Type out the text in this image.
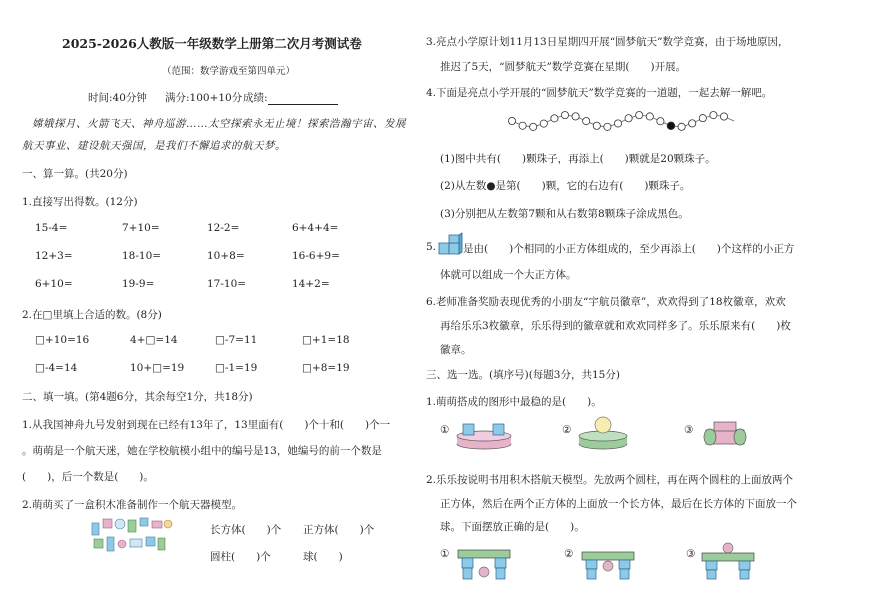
2025-2026人教版一年级数学上册第二次月考测试卷
（范围：数学游戏至第四单元）
时间:40分钟 满分:100+10分 成绩:
嫦娥探月、火箭飞天、神舟巡游……太空探索永无止境！探索浩瀚宇宙、发展
航天事业、建设航天强国，是我们不懈追求的航天梦。
一、算一算。(共20分)
1.直接写出得数。(12分)
15-4=	7+10=	12-2=	6+4+4=
12+3=	18-10=	10+8=	16-6+9=
6+10=	19-9=	17-10=	14+2=
2.在□里填上合适的数。(8分)
□+10=16	4+□=14	□-7=11	□+1=18
□-4=14	10+□=19	□-1=19	□+8=19
二、填一填。(第4题6分，其余每空1分，共18分)
1.从我国神舟九号发射到现在已经有13年了，13里面有(　　)个十和(　　)个一
。萌萌是一个航天迷，她在学校航模小组中的编号是13，她编号的前一个数是
(　　)，后一个数是(　　)。
2.萌萌买了一盒积木准备制作一个航天器模型。
长方体(　　)个 正方体(　　)个
圆柱(　　)个	球(　　)
3.亮点小学原计划11月13日星期四开展“圆梦航天”数学竞赛，由于场地原因，
推迟了5天，“圆梦航天”数学竞赛在星期(　　)开展。
4.下面是亮点小学开展的“圆梦航天”数学竞赛的一道题，一起去解一解吧。
(1)图中共有(　　)颗珠子，再添上(　　)颗就是20颗珠子。
(2)从左数●是第(　　)颗，它的右边有(　　)颗珠子。
(3)分别把从左数第7颗和从右数第8颗珠子涂成黑色。
5.	是由(　　)个相同的小正方体组成的，至少再添上(　　)个这样的小正方
体就可以组成一个大正方体。
6.老师准备奖励表现优秀的小朋友“宇航员徽章”，欢欢得到了18枚徽章，欢欢
再给乐乐3枚徽章，乐乐得到的徽章就和欢欢同样多了。乐乐原来有(　　)枚
徽章。
三、选一选。(填序号)(每题3分，共15分)
1.萌萌搭成的图形中最稳的是(　　)。
①	②	③
2.乐乐按说明书用积木搭航天模型。先放两个圆柱，再在两个圆柱的上面放两个
正方体，然后在两个正方体的上面放一个长方体，最后在长方体的下面放一个
球。下面摆放正确的是(　　)。
①	②	③
